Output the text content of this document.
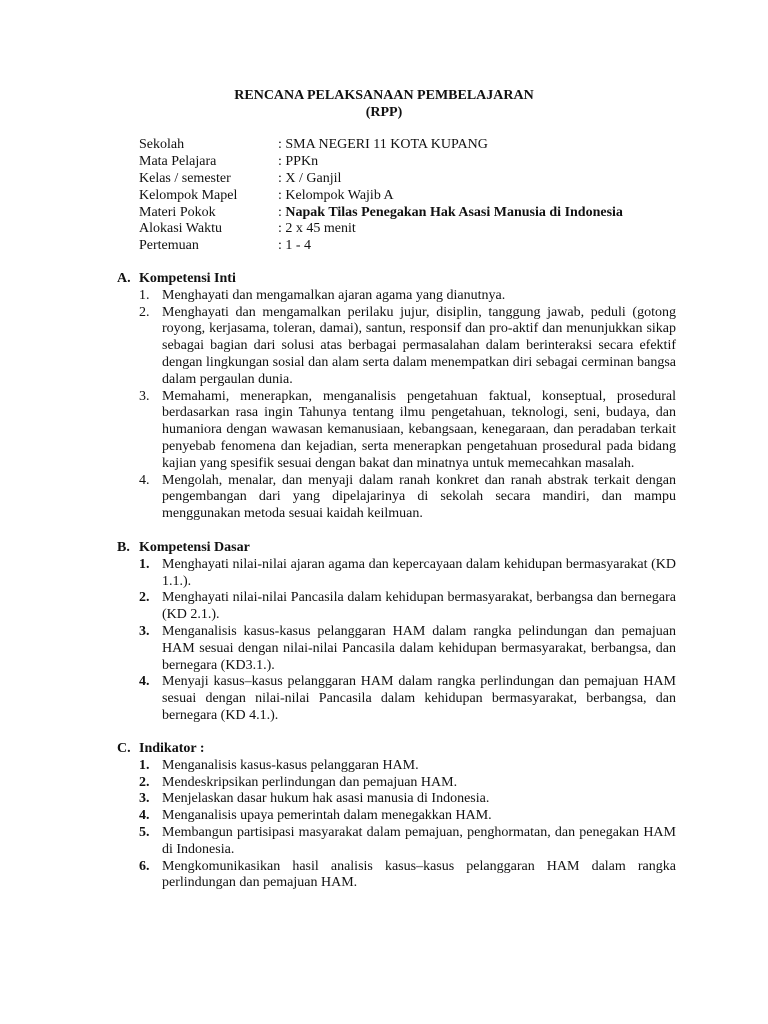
RENCANA PELAKSANAAN PEMBELAJARAN
(RPP)
Sekolah	: SMA NEGERI 11 KOTA KUPANG
Mata Pelajara	: PPKn
Kelas / semester	: X / Ganjil
Kelompok Mapel	: Kelompok Wajib A
Materi Pokok	: Napak Tilas Penegakan Hak Asasi Manusia di Indonesia
Alokasi Waktu	: 2 x 45 menit
Pertemuan	: 1 - 4
A. Kompetensi Inti
1. Menghayati dan mengamalkan ajaran agama yang dianutnya.
2. Menghayati dan mengamalkan perilaku jujur, disiplin, tanggung jawab, peduli (gotong royong, kerjasama, toleran, damai), santun, responsif dan pro-aktif dan menunjukkan sikap sebagai bagian dari solusi atas berbagai permasalahan dalam berinteraksi secara efektif dengan lingkungan sosial dan alam serta dalam menempatkan diri sebagai cerminan bangsa dalam pergaulan dunia.
3. Memahami, menerapkan, menganalisis pengetahuan faktual, konseptual, prosedural berdasarkan rasa ingin Tahunya tentang ilmu pengetahuan, teknologi, seni, budaya, dan humaniora dengan wawasan kemanusiaan, kebangsaan, kenegaraan, dan peradaban terkait penyebab fenomena dan kejadian, serta menerapkan pengetahuan prosedural pada bidang kajian yang spesifik sesuai dengan bakat dan minatnya untuk memecahkan masalah.
4. Mengolah, menalar, dan menyaji dalam ranah konkret dan ranah abstrak terkait dengan pengembangan dari yang dipelajarinya di sekolah secara mandiri, dan mampu menggunakan metoda sesuai kaidah keilmuan.
B. Kompetensi Dasar
1. Menghayati nilai-nilai ajaran agama dan kepercayaan dalam kehidupan bermasyarakat (KD 1.1.).
2. Menghayati nilai-nilai Pancasila dalam kehidupan bermasyarakat, berbangsa dan bernegara (KD 2.1.).
3. Menganalisis kasus-kasus pelanggaran HAM dalam rangka pelindungan dan pemajuan HAM sesuai dengan nilai-nilai Pancasila dalam kehidupan bermasyarakat, berbangsa, dan bernegara (KD3.1.).
4. Menyaji kasus–kasus pelanggaran HAM dalam rangka perlindungan dan pemajuan HAM sesuai dengan nilai-nilai Pancasila dalam kehidupan bermasyarakat, berbangsa, dan bernegara (KD 4.1.).
C. Indikator :
1. Menganalisis kasus-kasus pelanggaran HAM.
2. Mendeskripsikan perlindungan dan pemajuan HAM.
3. Menjelaskan dasar hukum hak asasi manusia di Indonesia.
4. Menganalisis upaya pemerintah dalam menegakkan HAM.
5. Membangun partisipasi masyarakat dalam pemajuan, penghormatan, dan penegakan HAM di Indonesia.
6. Mengkomunikasikan hasil analisis kasus–kasus pelanggaran HAM dalam rangka perlindungan dan pemajuan HAM.
